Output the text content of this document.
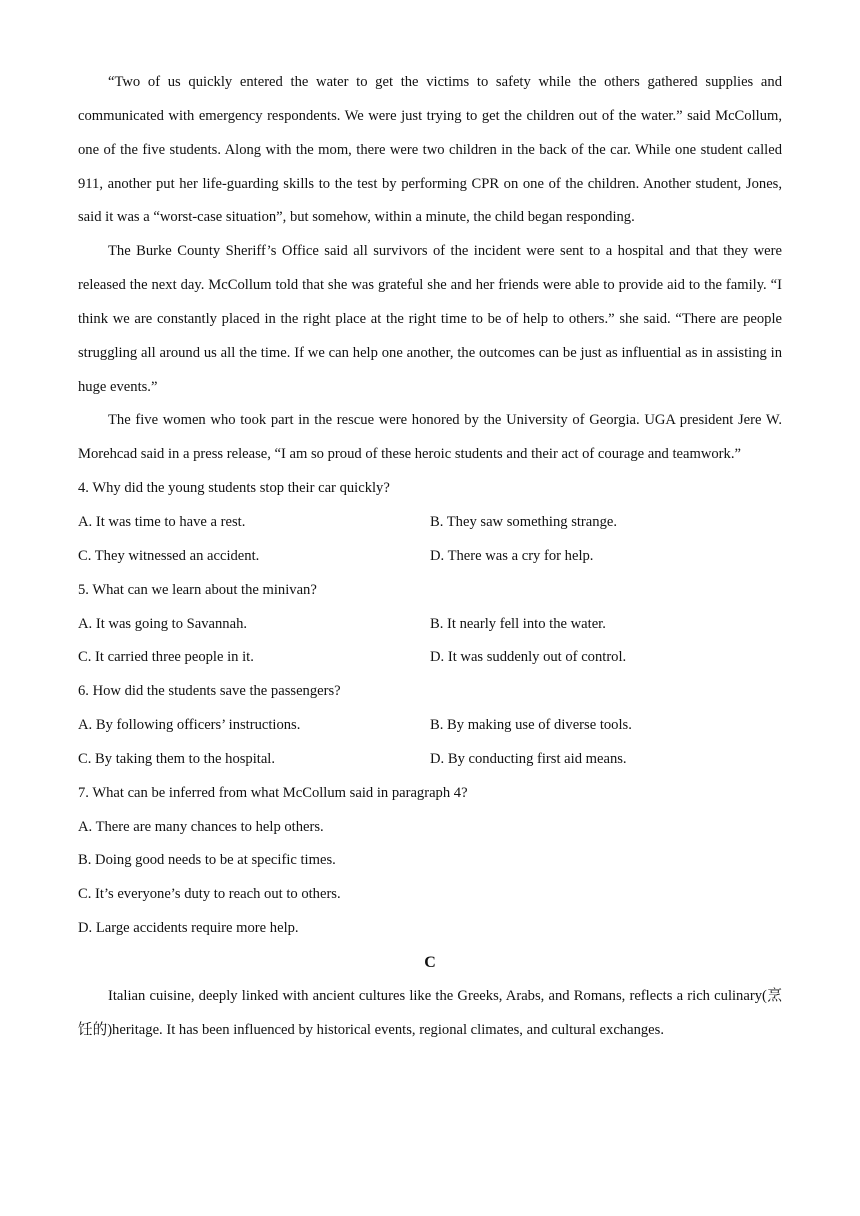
“Two of us quickly entered the water to get the victims to safety while the others gathered supplies and communicated with emergency respondents. We were just trying to get the children out of the water.” said McCollum, one of the five students. Along with the mom, there were two children in the back of the car. While one student called 911, another put her life-guarding skills to the test by performing CPR on one of the children. Another student, Jones, said it was a “worst-case situation”, but somehow, within a minute, the child began responding.
The Burke County Sheriff’s Office said all survivors of the incident were sent to a hospital and that they were released the next day. McCollum told that she was grateful she and her friends were able to provide aid to the family. “I think we are constantly placed in the right place at the right time to be of help to others.” she said. “There are people struggling all around us all the time. If we can help one another, the outcomes can be just as influential as in assisting in huge events.”
The five women who took part in the rescue were honored by the University of Georgia. UGA president Jere W. Morehcad said in a press release, “I am so proud of these heroic students and their act of courage and teamwork.”
4. Why did the young students stop their car quickly?
A. It was time to have a rest.	B. They saw something strange.
C. They witnessed an accident.	D. There was a cry for help.
5. What can we learn about the minivan?
A. It was going to Savannah.	B. It nearly fell into the water.
C. It carried three people in it.	D. It was suddenly out of control.
6. How did the students save the passengers?
A. By following officers’ instructions.	B. By making use of diverse tools.
C. By taking them to the hospital.	D. By conducting first aid means.
7. What can be inferred from what McCollum said in paragraph 4?
A. There are many chances to help others.
B. Doing good needs to be at specific times.
C. It’s everyone’s duty to reach out to others.
D. Large accidents require more help.
C
Italian cuisine, deeply linked with ancient cultures like the Greeks, Arabs, and Romans, reflects a rich culinary(烹饪的)heritage. It has been influenced by historical events, regional climates, and cultural exchanges.
